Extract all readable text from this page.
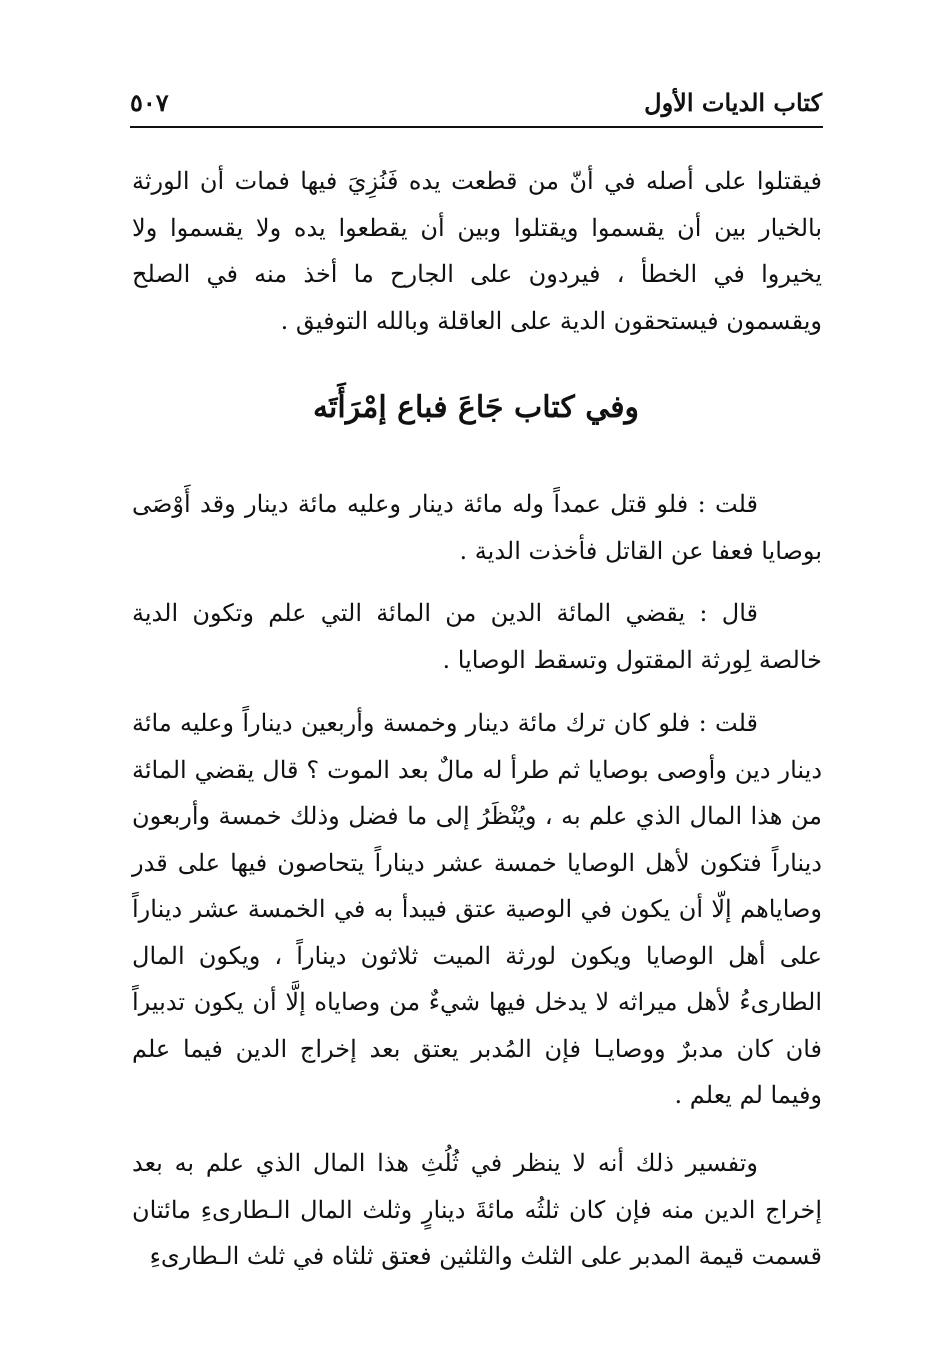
كتاب الديات الأول
٥٠٧

فيقتلوا على أصله في أنّ من قطعت يده فَنُزِيَ فيها فمات أن الورثة بالخيار بين أن يقسموا ويقتلوا وبين أن يقطعوا يده ولا يقسموا ولا يخيروا في الخطأ ، فيردون على الجارح ما أخذ منه في الصلح ويقسمون فيستحقون الدية على العاقلة وبالله التوفيق .

وفي كتاب جَاعَ فباع إمْرَأَتَه

قلت : فلو قتل عمداً وله مائة دينار وعليه مائة دينار وقد أَوْصَى بوصايا فعفا عن القاتل فأخذت الدية .

قال : يقضي المائة الدين من المائة التي علم وتكون الدية خالصة لِورثة المقتول وتسقط الوصايا .

قلت : فلو كان ترك مائة دينار وخمسة وأربعين ديناراً وعليه مائة دينار دين وأوصى بوصايا ثم طرأ له مالٌ بعد الموت ؟ قال يقضي المائة من هذا المال الذي علم به ، ويُنْظَرُ إلى ما فضل وذلك خمسة وأربعون ديناراً فتكون لأهل الوصايا خمسة عشر ديناراً يتحاصون فيها على قدر وصاياهم إلّا أن يكون في الوصية عتق فيبدأ به في الخمسة عشر ديناراً على أهل الوصايا ويكون لورثة الميت ثلاثون ديناراً ، ويكون المال الطارىءُ لأهل ميراثه لا يدخل فيها شيءٌ من وصاياه إلَّا أن يكون تدبيراً فان كان مدبرٌ ووصايـا فإن المُدبر يعتق بعد إخراج الدين فيما علم وفيما لم يعلم .

وتفسير ذلك أنه لا ينظر في ثُلُثِ هذا المال الذي علم به بعد إخراج الدين منه فإن كان ثلثُه مائةَ دينارٍ وثلث المال الـطارىءِ مائتان قسمت قيمة المدبر على الثلث والثلثين فعتق ثلثاه في ثلث الـطارىءِ
